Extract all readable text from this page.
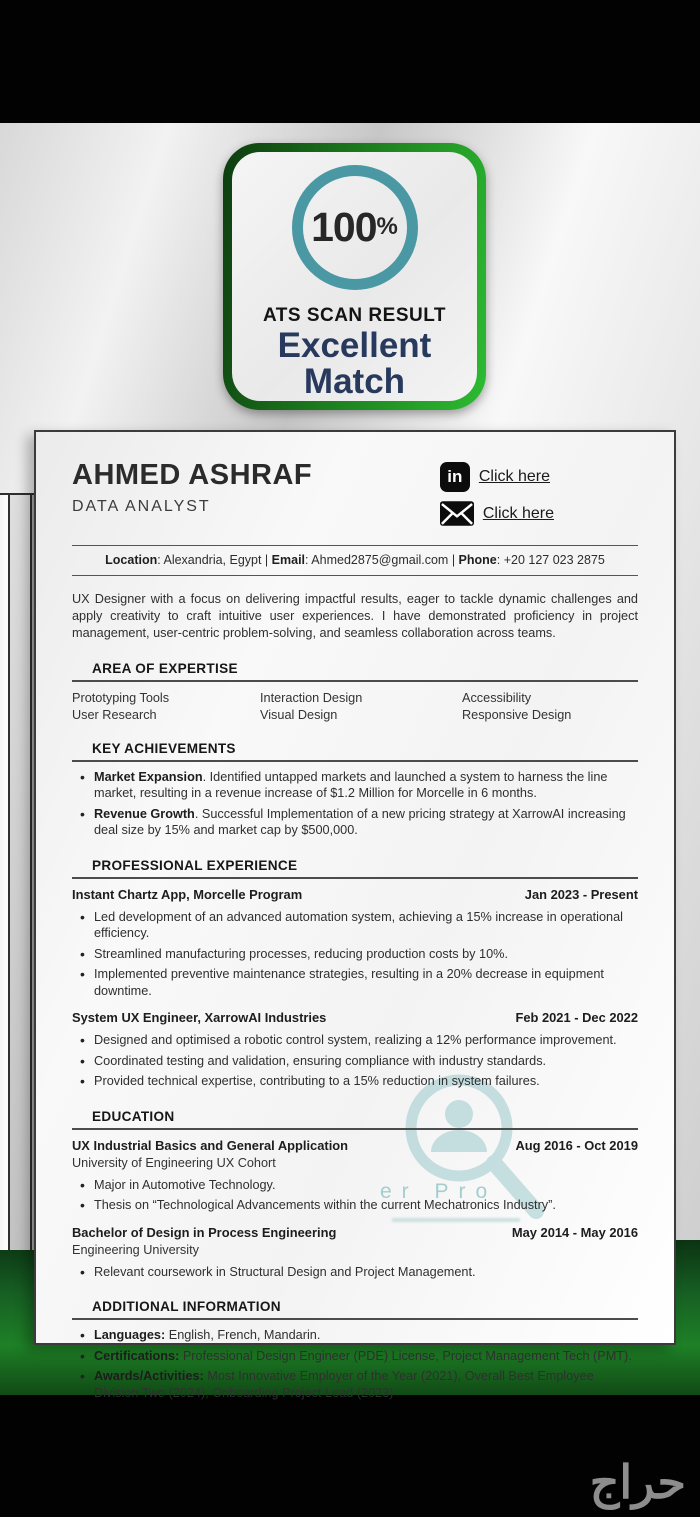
100 %
ATS SCAN RESULT
Excellent
Match
er Pro
AHMED ASHRAF
DATA ANALYST
in	Click here
Click here
Location: Alexandria, Egypt | Email: Ahmed2875@gmail.com | Phone: +20 127 023 2875
UX Designer with a focus on delivering impactful results, eager to tackle dynamic challenges and apply creativity to craft intuitive user experiences. I have demonstrated proficiency in project management, user-centric problem-solving, and seamless collaboration across teams.
AREA OF EXPERTISE
Prototyping Tools	Interaction Design	Accessibility
User Research	Visual Design	Responsive Design
KEY ACHIEVEMENTS
• Market Expansion. Identified untapped markets and launched a system to harness the line market, resulting in a revenue increase of $1.2 Million for Morcelle in 6 months.
• Revenue Growth. Successful Implementation of a new pricing strategy at XarrowAI increasing deal size by 15% and market cap by $500,000.
PROFESSIONAL EXPERIENCE
Instant Chartz App, Morcelle Program	Jan 2023 - Present
• Led development of an advanced automation system, achieving a 15% increase in operational efficiency.
• Streamlined manufacturing processes, reducing production costs by 10%.
• Implemented preventive maintenance strategies, resulting in a 20% decrease in equipment downtime.
System UX Engineer, XarrowAI Industries	Feb 2021 - Dec 2022
• Designed and optimised a robotic control system, realizing a 12% performance improvement.
• Coordinated testing and validation, ensuring compliance with industry standards.
• Provided technical expertise, contributing to a 15% reduction in system failures.
EDUCATION
UX Industrial Basics and General Application	Aug 2016 - Oct 2019
University of Engineering UX Cohort
• Major in Automotive Technology.
• Thesis on “Technological Advancements within the current Mechatronics Industry”.
Bachelor of Design in Process Engineering	May 2014 - May 2016
Engineering University
• Relevant coursework in Structural Design and Project Management.
ADDITIONAL INFORMATION
• Languages: English, French, Mandarin.
• Certifications: Professional Design Engineer (PDE) License, Project Management Tech (PMT).
• Awards/Activities: Most Innovative Employer of the Year (2021), Overall Best Employee Division Two (2024), Onboarding Project Lead (2023)
حراج
